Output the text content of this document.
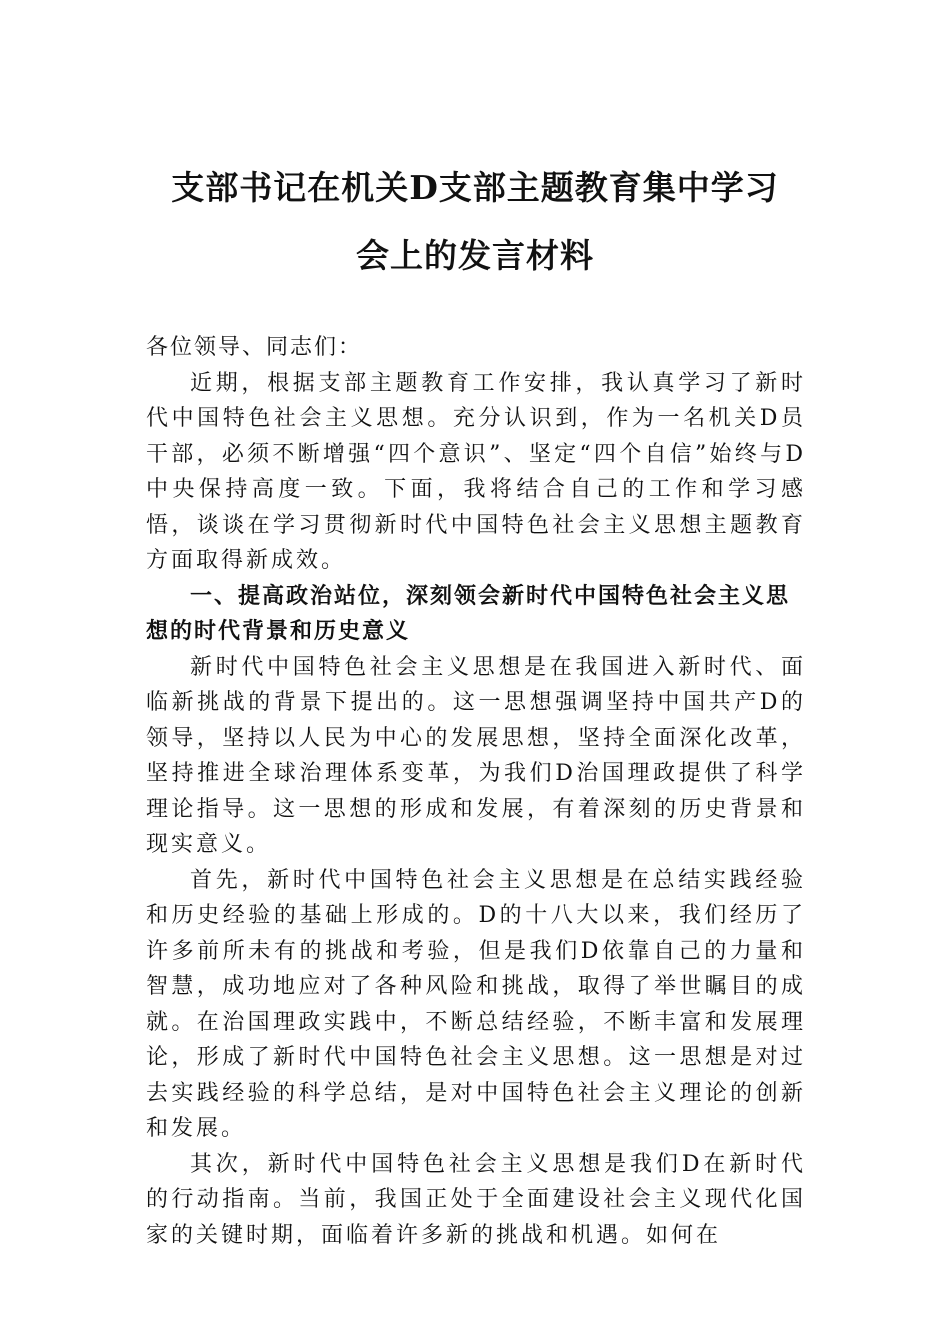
支部书记在机关D支部主题教育集中学习
会上的发言材料

各位领导、同志们：

近期，根据支部主题教育工作安排，我认真学习了新时代中国特色社会主义思想。充分认识到，作为一名机关D员干部，必须不断增强“四个意识”、坚定“四个自信”始终与D中央保持高度一致。下面，我将结合自己的工作和学习感悟，谈谈在学习贯彻新时代中国特色社会主义思想主题教育方面取得新成效。

一、提高政治站位，深刻领会新时代中国特色社会主义思想的时代背景和历史意义

新时代中国特色社会主义思想是在我国进入新时代、面临新挑战的背景下提出的。这一思想强调坚持中国共产D的领导，坚持以人民为中心的发展思想，坚持全面深化改革，坚持推进全球治理体系变革，为我们D治国理政提供了科学理论指导。这一思想的形成和发展，有着深刻的历史背景和现实意义。

首先，新时代中国特色社会主义思想是在总结实践经验和历史经验的基础上形成的。D的十八大以来，我们经历了许多前所未有的挑战和考验，但是我们D依靠自己的力量和智慧，成功地应对了各种风险和挑战，取得了举世瞩目的成就。在治国理政实践中，不断总结经验，不断丰富和发展理论，形成了新时代中国特色社会主义思想。这一思想是对过去实践经验的科学总结，是对中国特色社会主义理论的创新和发展。

其次，新时代中国特色社会主义思想是我们D在新时代的行动指南。当前，我国正处于全面建设社会主义现代化国家的关键时期，面临着许多新的挑战和机遇。如何在
